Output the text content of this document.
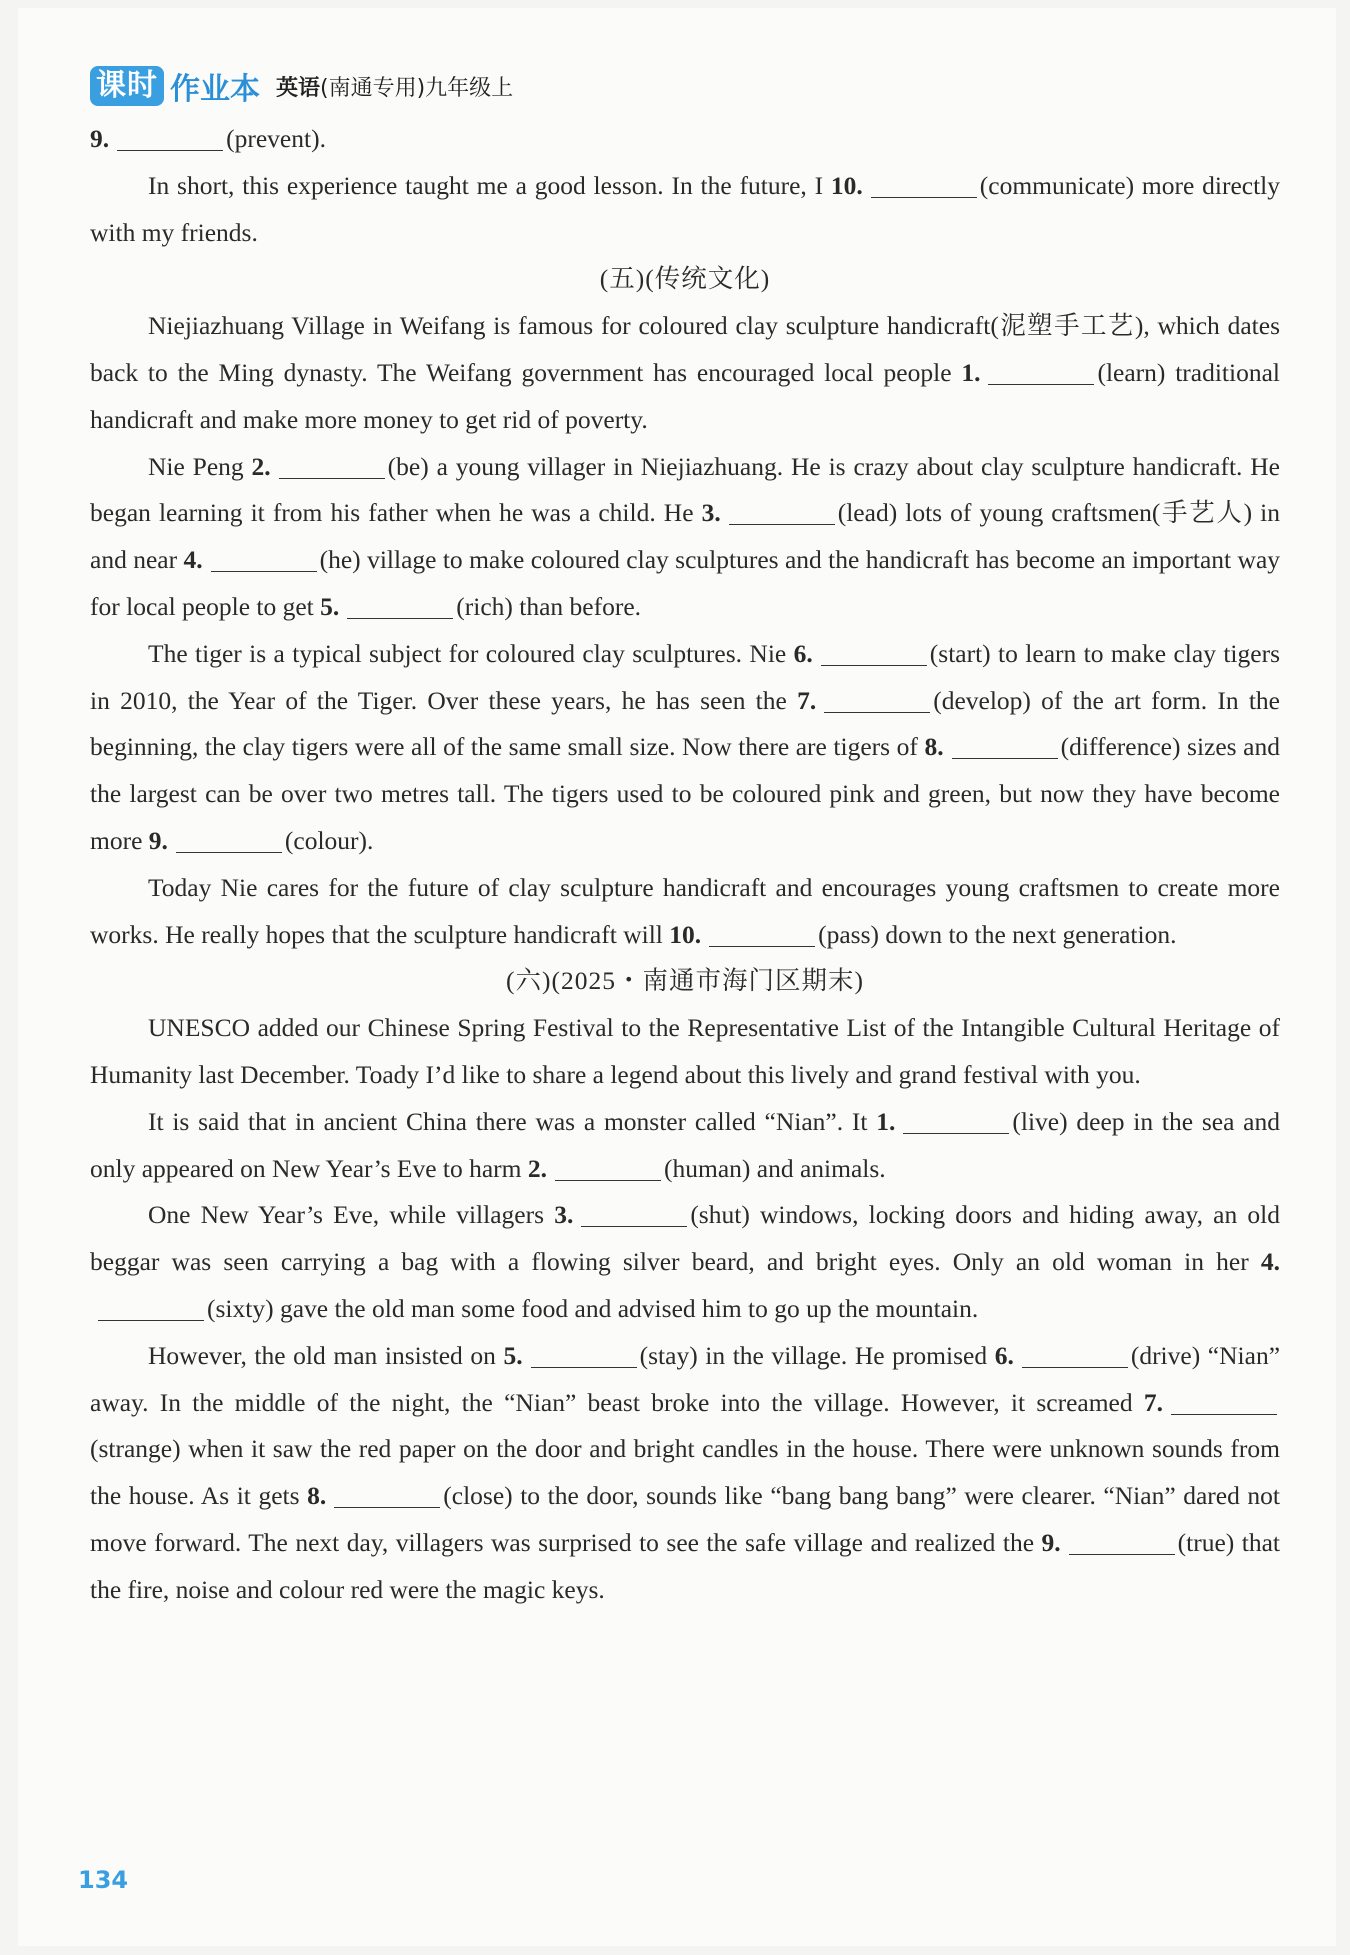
课时 作业本 英语(南通专用)九年级上

9.	(prevent).

In short, this experience taught me a good lesson. In the future, I 10.	(communicate) more directly with my friends.

(五)(传统文化)

Niejiazhuang Village in Weifang is famous for coloured clay sculpture handicraft(泥塑手工艺), which dates back to the Ming dynasty. The Weifang government has encouraged local people 1.	(learn) traditional handicraft and make more money to get rid of poverty.

Nie Peng 2.	(be) a young villager in Niejiazhuang. He is crazy about clay sculpture handicraft. He began learning it from his father when he was a child. He 3.	(lead) lots of young craftsmen(手艺人) in and near 4.	(he) village to make coloured clay sculptures and the handicraft has become an important way for local people to get 5.	(rich) than before.

The tiger is a typical subject for coloured clay sculptures. Nie 6.	(start) to learn to make clay tigers in 2010, the Year of the Tiger. Over these years, he has seen the 7.	(develop) of the art form. In the beginning, the clay tigers were all of the same small size. Now there are tigers of 8.	(difference) sizes and the largest can be over two metres tall. The tigers used to be coloured pink and green, but now they have become more 9.	(colour).

Today Nie cares for the future of clay sculpture handicraft and encourages young craftsmen to create more works. He really hopes that the sculpture handicraft will 10.	(pass) down to the next generation.

(六)(2025・南通市海门区期末)

UNESCO added our Chinese Spring Festival to the Representative List of the Intangible Cultural Heritage of Humanity last December. Toady I’d like to share a legend about this lively and grand festival with you.

It is said that in ancient China there was a monster called “Nian”. It 1.	(live) deep in the sea and only appeared on New Year’s Eve to harm 2.	(human) and animals.

One New Year’s Eve, while villagers 3.	(shut) windows, locking doors and hiding away, an old beggar was seen carrying a bag with a flowing silver beard, and bright eyes. Only an old woman in her 4.(sixty) gave the old man some food and advised him to go up the mountain.

However, the old man insisted on 5.	(stay) in the village. He promised 6.	(drive) “Nian” away. In the middle of the night, the “Nian” beast broke into the village. However, it screamed 7.(strange) when it saw the red paper on the door and bright candles in the house. There were unknown sounds from the house. As it gets 8.	(close) to the door, sounds like “bang bang bang” were clearer. “Nian” dared not move forward. The next day, villagers was surprised to see the safe village and realized the 9.	(true) that the fire, noise and colour red were the magic keys.

134
